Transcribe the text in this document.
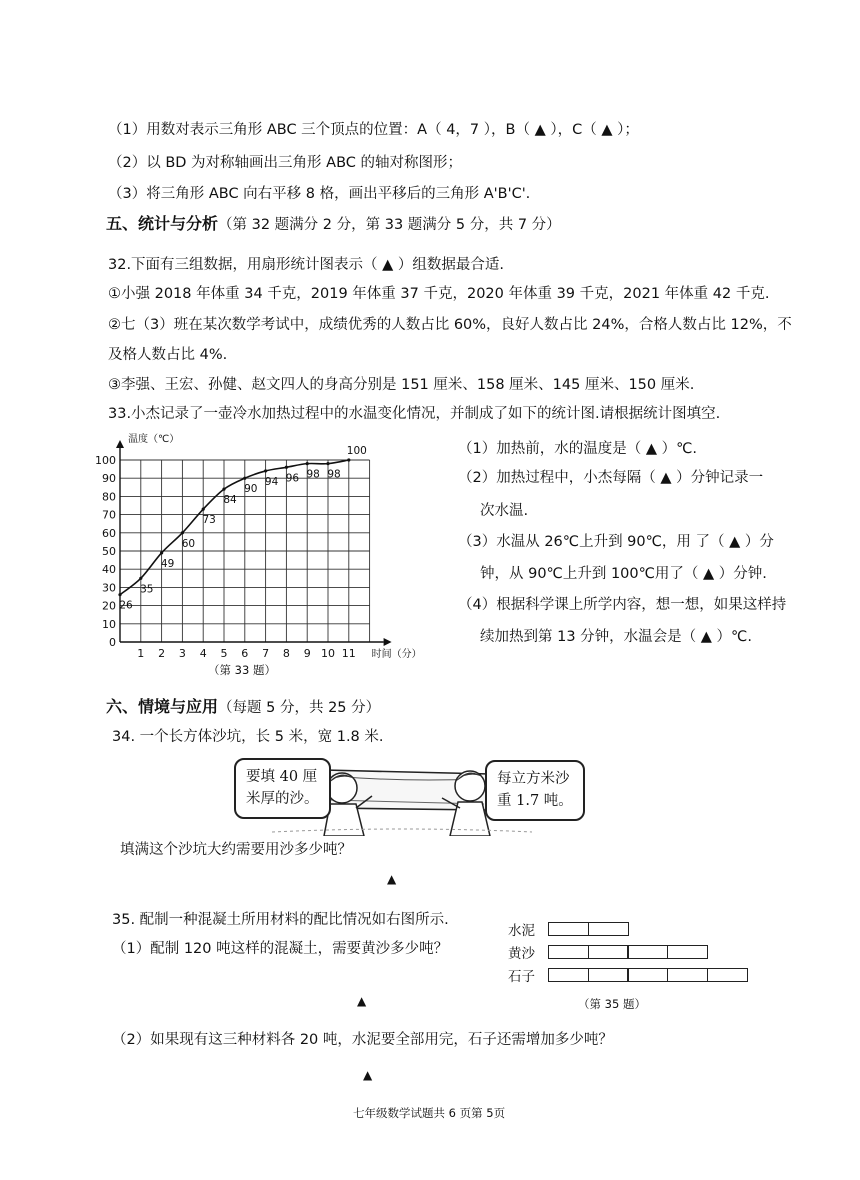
（1）用数对表示三角形 ABC 三个顶点的位置：A（ 4，7 ），B（ ▲ ），C（ ▲ ）；
（2）以 BD 为对称轴画出三角形 ABC 的轴对称图形；
（3）将三角形 ABC 向右平移 8 格，画出平移后的三角形 A'B'C'.
五、统计与分析（第 32 题满分 2 分，第 33 题满分 5 分，共 7 分）
32.下面有三组数据，用扇形统计图表示（ ▲ ）组数据最合适.
①小强 2018 年体重 34 千克，2019 年体重 37 千克，2020 年体重 39 千克，2021 年体重 42 千克.
②七（3）班在某次数学考试中，成绩优秀的人数占比 60%，良好人数占比 24%，合格人数占比 12%，不
及格人数占比 4%.
③李强、王宏、孙健、赵文四人的身高分别是 151 厘米、158 厘米、145 厘米、150 厘米.
33.小杰记录了一壶冷水加热过程中的水温变化情况，并制成了如下的统计图.请根据统计图填空.
0
10
20
30
40
50
60
70
80
90
100
1 2 3 4 5 6 7 8 9 10 11
温度（℃）
时间（分）
26
35
49
60
73
84
90
94 96 98 98
100
（第 33 题）
（1）加热前，水的温度是（ ▲ ）℃.
（2）加热过程中，小杰每隔（ ▲ ）分钟记录一
次水温.
（3）水温从 26℃上升到 90℃，用 了（ ▲ ）分
钟，从 90℃上升到 100℃用了（ ▲ ）分钟.
（4）根据科学课上所学内容，想一想，如果这样持
续加热到第 13 分钟，水温会是（ ▲ ）℃.
六、情境与应用（每题 5 分，共 25 分）
34. 一个长方体沙坑，长 5 米，宽 1.8 米.
要填 40 厘
米厚的沙。
每立方米沙
重 1.7 吨。
填满这个沙坑大约需要用沙多少吨？
▲
35. 配制一种混凝土所用材料的配比情况如右图所示.
（1）配制 120 吨这样的混凝土，需要黄沙多少吨？
▲
水泥
黄沙
石子
（第 35 题）
（2）如果现有这三种材料各 20 吨，水泥要全部用完，石子还需增加多少吨？
▲
七年级数学试题共 6 页第 5页
